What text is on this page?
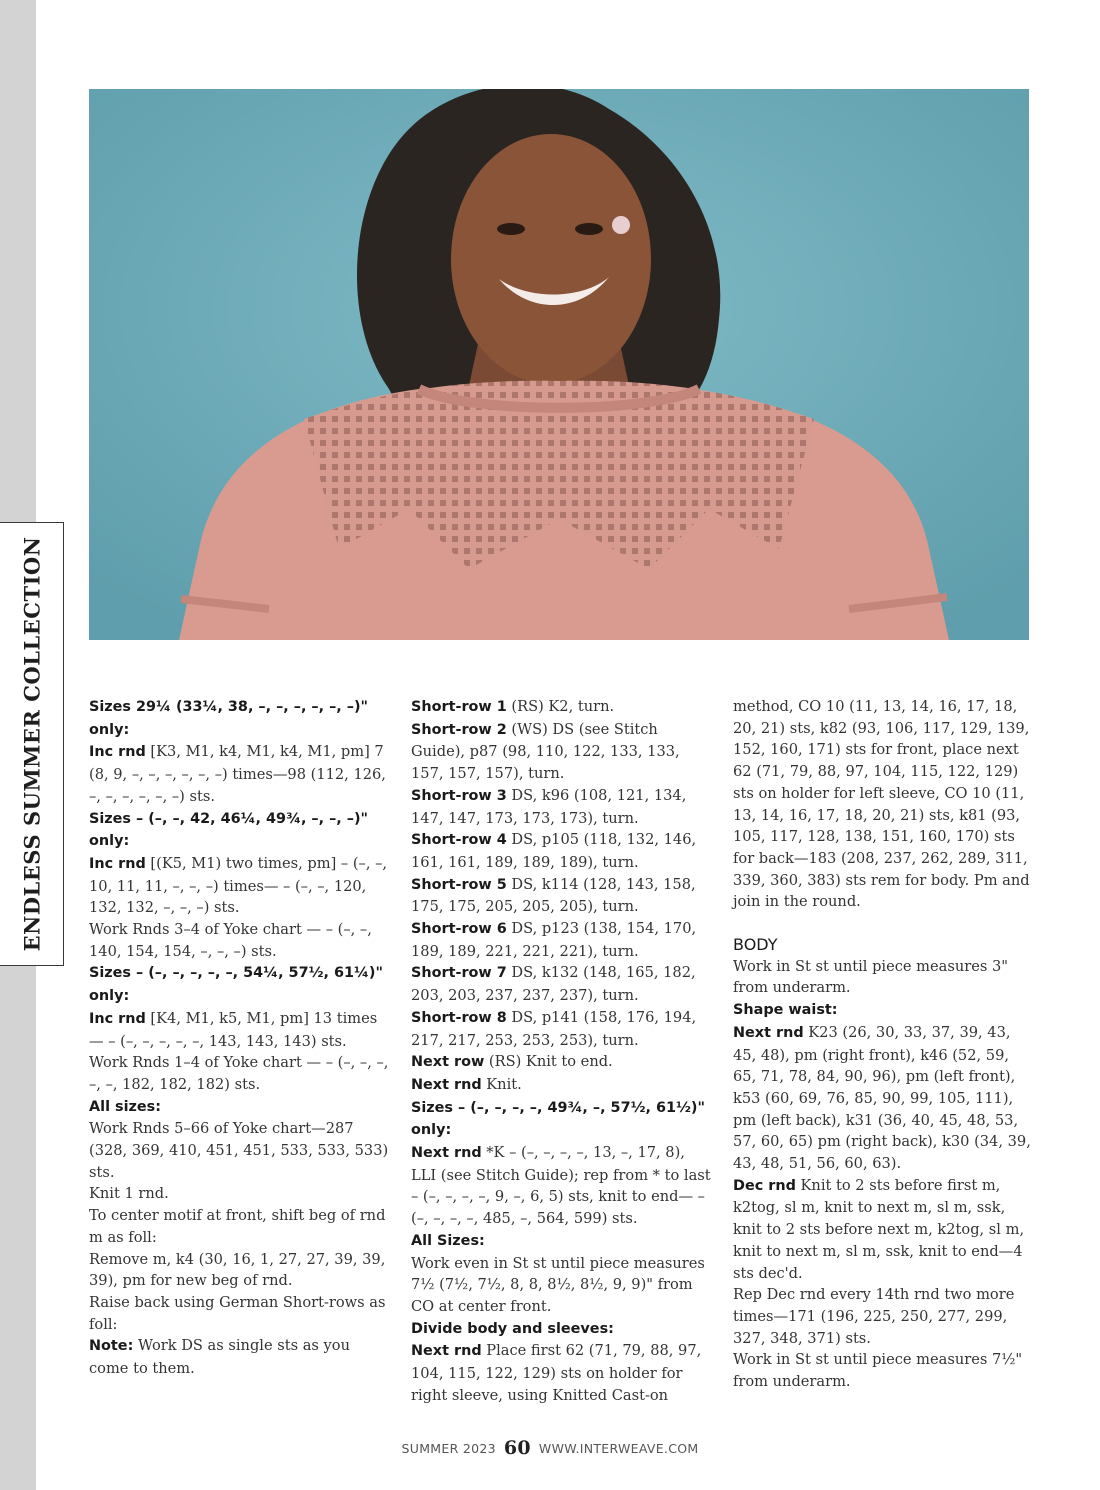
ENDLESS SUMMER COLLECTION	Sizes 29¼ (33¼, 38, –, –, –, –, –, –)" only:

Inc rnd [K3, M1, k4, M1, k4, M1, pm] 7 (8, 9, –, –, –, –, –, –) times—98 (112, 126, –, –, –, –, –, –) sts.

Sizes – (–, –, 42, 46¼, 49¾, –, –, –)" only:

Inc rnd [(K5, M1) two times, pm] – (–, –, 10, 11, 11, –, –, –) times— – (–, –, 120, 132, 132, –, –, –) sts.

Work Rnds 3–4 of Yoke chart — – (–, –, 140, 154, 154, –, –, –) sts.

Sizes – (–, –, –, –, –, 54¼, 57½, 61¼)" only:

Inc rnd [K4, M1, k5, M1, pm] 13 times— – (–, –, –, –, –, 143, 143, 143) sts.

Work Rnds 1–4 of Yoke chart — – (–, –, –, –, –, 182, 182, 182) sts.

All sizes:

Work Rnds 5–66 of Yoke chart—287 (328, 369, 410, 451, 451, 533, 533, 533) sts.

Knit 1 rnd.

To center motif at front, shift beg of rnd m as foll:

Remove m, k4 (30, 16, 1, 27, 27, 39, 39, 39), pm for new beg of rnd.

Raise back using German Short-rows as foll:

Note: Work DS as single sts as you come to them.

Short-row 1 (RS) K2, turn.

Short-row 2 (WS) DS (see Stitch Guide), p87 (98, 110, 122, 133, 133, 157, 157, 157), turn.

Short-row 3 DS, k96 (108, 121, 134, 147, 147, 173, 173, 173), turn.

Short-row 4 DS, p105 (118, 132, 146, 161, 161, 189, 189, 189), turn.

Short-row 5 DS, k114 (128, 143, 158, 175, 175, 205, 205, 205), turn.

Short-row 6 DS, p123 (138, 154, 170, 189, 189, 221, 221, 221), turn.

Short-row 7 DS, k132 (148, 165, 182, 203, 203, 237, 237, 237), turn.

Short-row 8 DS, p141 (158, 176, 194, 217, 217, 253, 253, 253), turn.

Next row (RS) Knit to end.

Next rnd Knit.

Sizes – (–, –, –, –, 49¾, –, 57½, 61½)" only:

Next rnd *K – (–, –, –, –, 13, –, 17, 8), LLI (see Stitch Guide); rep from * to last – (–, –, –, –, 9, –, 6, 5) sts, knit to end— – (–, –, –, –, 485, –, 564, 599) sts.

All Sizes:

Work even in St st until piece measures 7½ (7½, 7½, 8, 8, 8½, 8½, 9, 9)" from CO at center front.

Divide body and sleeves:

Next rnd Place first 62 (71, 79, 88, 97, 104, 115, 122, 129) sts on holder for right sleeve, using Knitted Cast-on

method, CO 10 (11, 13, 14, 16, 17, 18, 20, 21) sts, k82 (93, 106, 117, 129, 139, 152, 160, 171) sts for front, place next 62 (71, 79, 88, 97, 104, 115, 122, 129) sts on holder for left sleeve, CO 10 (11, 13, 14, 16, 17, 18, 20, 21) sts, k81 (93, 105, 117, 128, 138, 151, 160, 170) sts for back—183 (208, 237, 262, 289, 311, 339, 360, 383) sts rem for body. Pm and join in the round.

BODY

Work in St st until piece measures 3" from underarm.

Shape waist:

Next rnd K23 (26, 30, 33, 37, 39, 43, 45, 48), pm (right front), k46 (52, 59, 65, 71, 78, 84, 90, 96), pm (left front), k53 (60, 69, 76, 85, 90, 99, 105, 111), pm (left back), k31 (36, 40, 45, 48, 53, 57, 60, 65) pm (right back), k30 (34, 39, 43, 48, 51, 56, 60, 63).

Dec rnd Knit to 2 sts before first m, k2tog, sl m, knit to next m, sl m, ssk, knit to 2 sts before next m, k2tog, sl m, knit to next m, sl m, ssk, knit to end—4 sts dec'd.

Rep Dec rnd every 14th rnd two more times—171 (196, 225, 250, 277, 299, 327, 348, 371) sts.

Work in St st until piece measures 7½" from underarm.

SUMMER 2023 60 WWW.INTERWEAVE.COM
